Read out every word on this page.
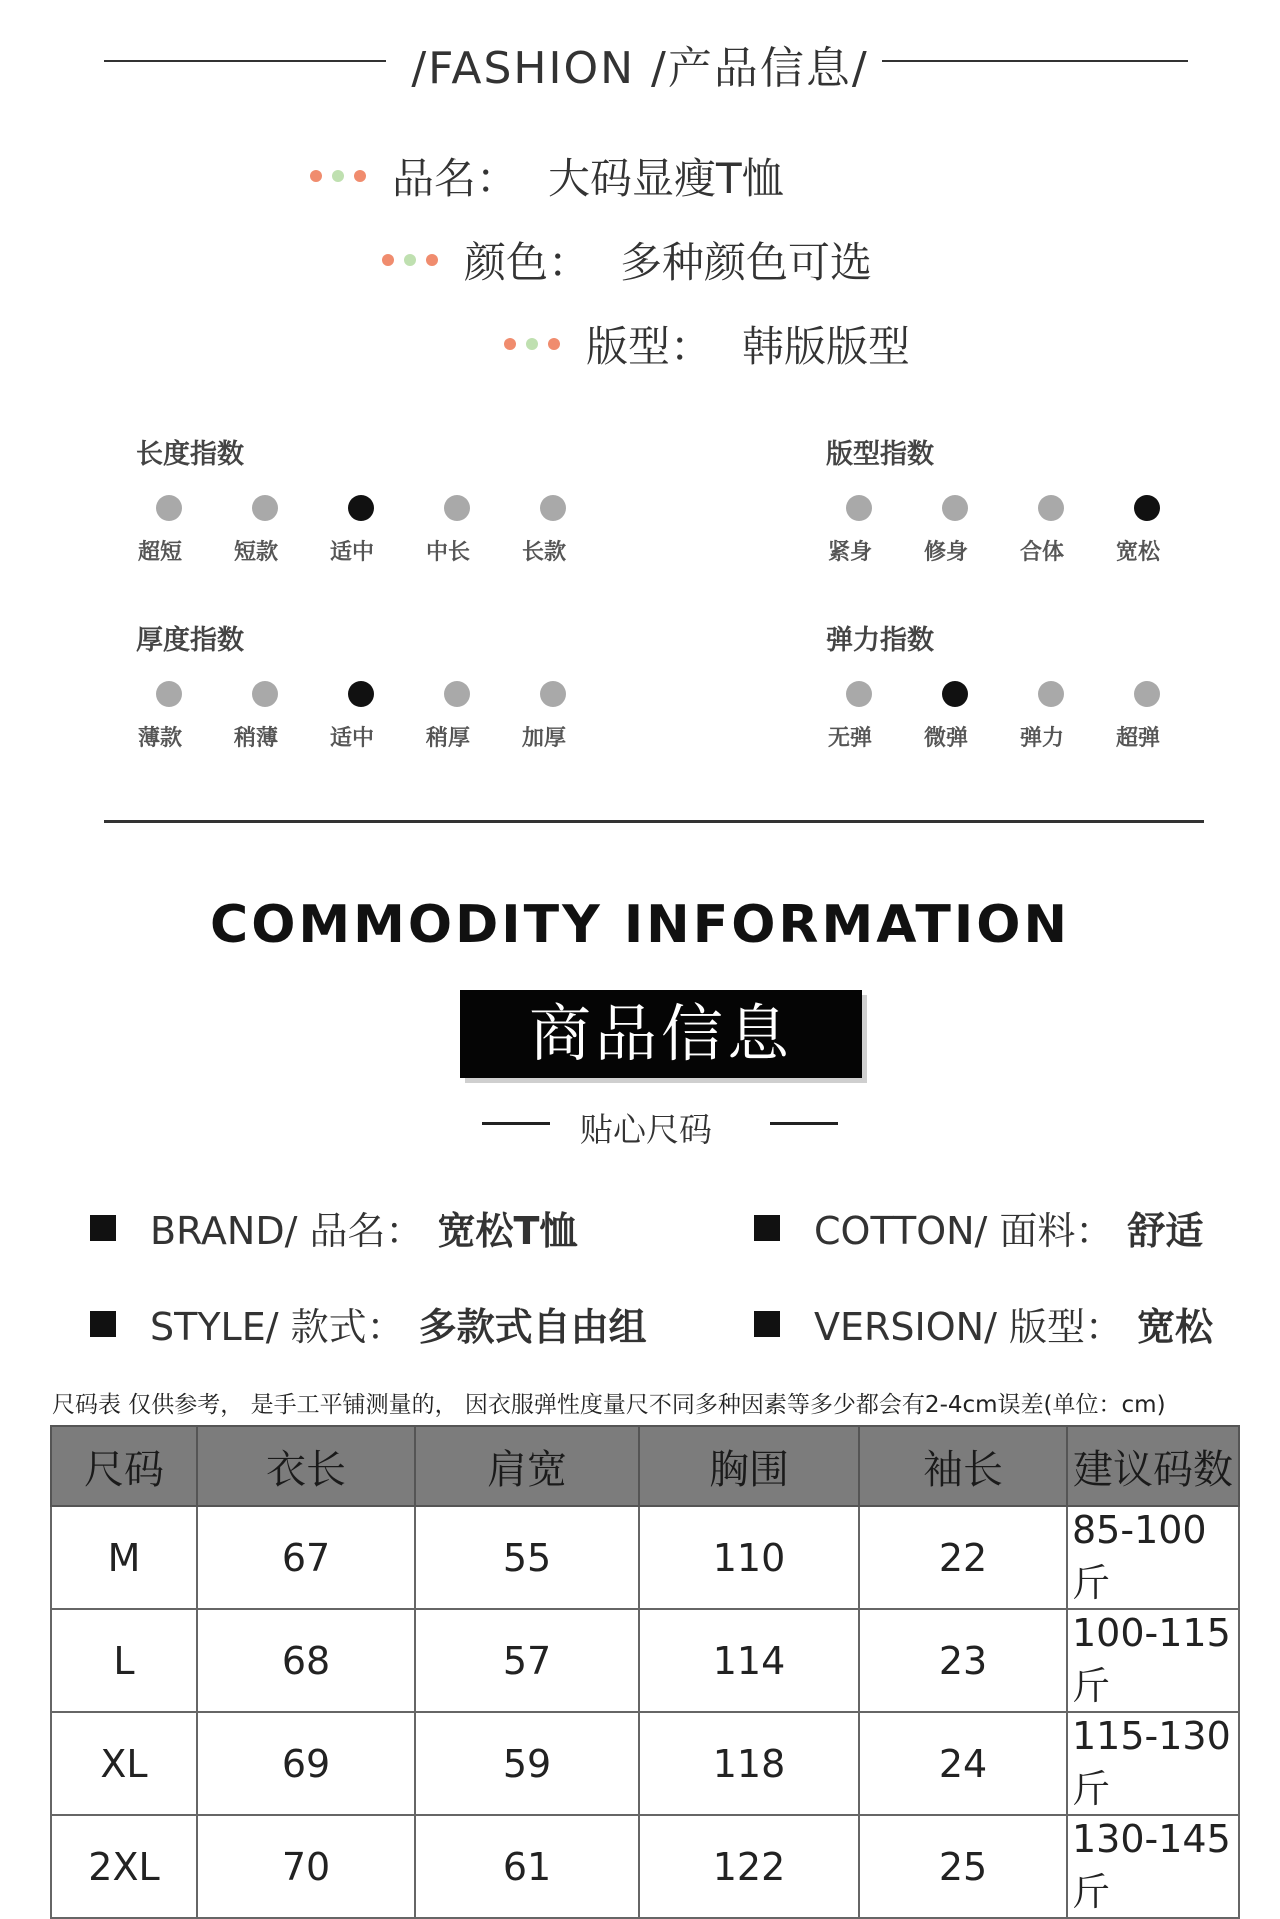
/FASHION /产品信息/
品名： 大码显瘦T恤
颜色： 多种颜色可选
版型： 韩版版型
长度指数
超短 短款 适中 中长 长款
版型指数
紧身 修身 合体 宽松
厚度指数
薄款 稍薄 适中 稍厚 加厚
弹力指数
无弹 微弹 弹力 超弹
COMMODITY INFORMATION
商品信息
贴心尺码
BRAND/ 品名： 宽松T恤	COTTON/ 面料： 舒适
STYLE/ 款式： 多款式自由组	VERSION/ 版型： 宽松
尺码表 仅供参考， 是手工平铺测量的， 因衣服弹性度量尺不同多种因素等多少都会有2-4cm误差(单位：cm)
尺码	衣长	肩宽	胸围	袖长	建议码数
M	67	55	110	22	85-100斤
L	68	57	114	23	100-115斤
XL	69	59	118	24	115-130斤
2XL	70	61	122	25	130-145斤
